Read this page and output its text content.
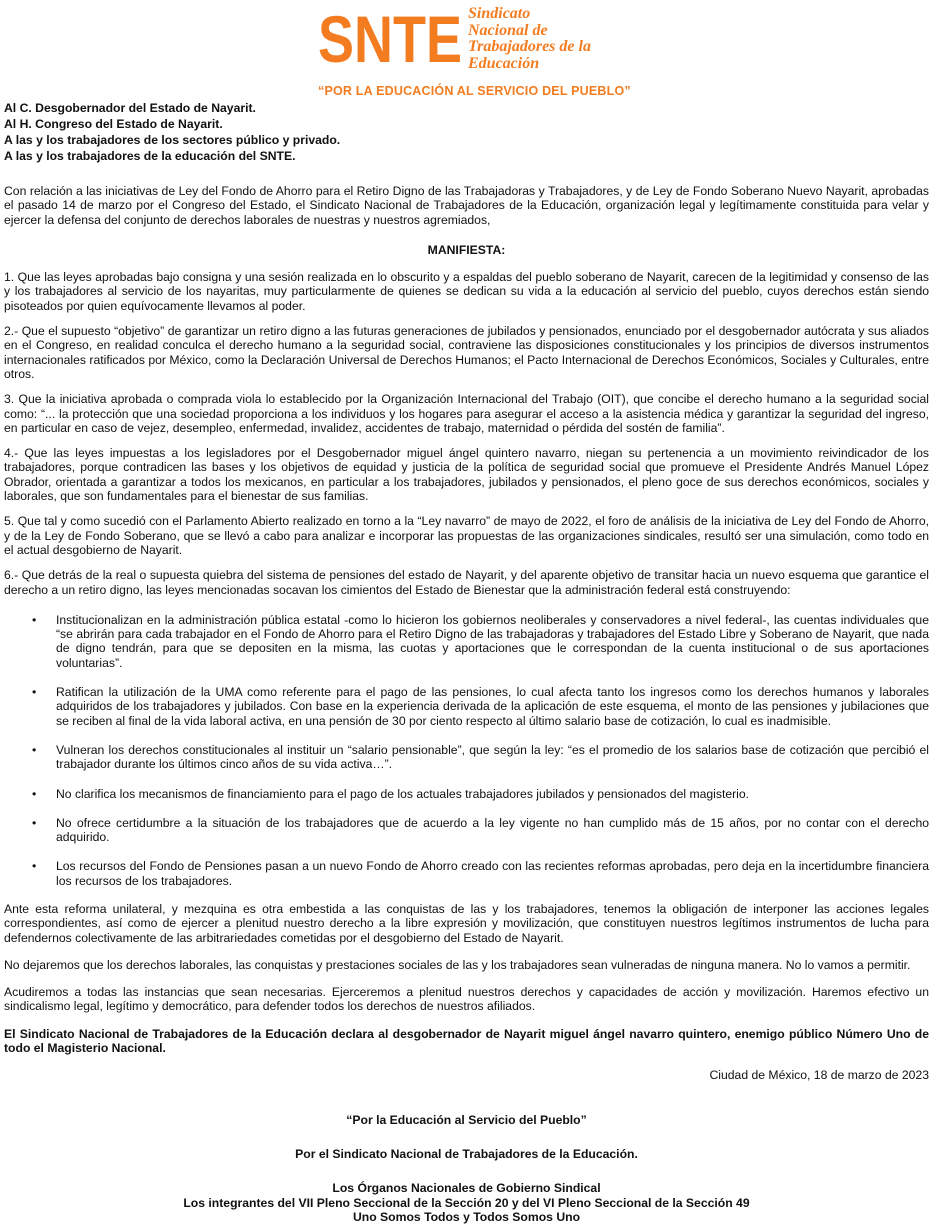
SNTE Sindicato
Nacional de
Trabajadores de la
Educación
“POR LA EDUCACIÓN AL SERVICIO DEL PUEBLO”
Al C. Desgobernador del Estado de Nayarit.
Al H. Congreso del Estado de Nayarit.
A las y los trabajadores de los sectores público y privado.
A las y los trabajadores de la educación del SNTE.

Con relación a las iniciativas de Ley del Fondo de Ahorro para el Retiro Digno de las Trabajadoras y Trabajadores, y de Ley de Fondo Soberano Nuevo Nayarit, aprobadas el pasado 14 de marzo por el Congreso del Estado, el Sindicato Nacional de Trabajadores de la Educación, organización legal y legítimamente constituida para velar y ejercer la defensa del conjunto de derechos laborales de nuestras y nuestros agremiados,

MANIFIESTA:

1. Que las leyes aprobadas bajo consigna y una sesión realizada en lo obscurito y a espaldas del pueblo soberano de Nayarit, carecen de la legitimidad y consenso de las y los trabajadores al servicio de los nayaritas, muy particularmente de quienes se dedican su vida a la educación al servicio del pueblo, cuyos derechos están siendo pisoteados por quien equívocamente llevamos al poder.

2.- Que el supuesto “objetivo” de garantizar un retiro digno a las futuras generaciones de jubilados y pensionados, enunciado por el desgobernador autócrata y sus aliados en el Congreso, en realidad conculca el derecho humano a la seguridad social, contraviene las disposiciones constitucionales y los principios de diversos instrumentos internacionales ratificados por México, como la Declaración Universal de Derechos Humanos; el Pacto Internacional de Derechos Económicos, Sociales y Culturales, entre otros.

3. Que la iniciativa aprobada o comprada viola lo establecido por la Organización Internacional del Trabajo (OIT), que concibe el derecho humano a la seguridad social como: “... la protección que una sociedad proporciona a los individuos y los hogares para asegurar el acceso a la asistencia médica y garantizar la seguridad del ingreso, en particular en caso de vejez, desempleo, enfermedad, invalidez, accidentes de trabajo, maternidad o pérdida del sostén de familia”.

4.- Que las leyes impuestas a los legisladores por el Desgobernador miguel ángel quintero navarro, niegan su pertenencia a un movimiento reivindicador de los trabajadores, porque contradicen las bases y los objetivos de equidad y justicia de la política de seguridad social que promueve el Presidente Andrés Manuel López Obrador, orientada a garantizar a todos los mexicanos, en particular a los trabajadores, jubilados y pensionados, el pleno goce de sus derechos económicos, sociales y laborales, que son fundamentales para el bienestar de sus familias.

5. Que tal y como sucedió con el Parlamento Abierto realizado en torno a la “Ley navarro” de mayo de 2022, el foro de análisis de la iniciativa de Ley del Fondo de Ahorro, y de la Ley de Fondo Soberano, que se llevó a cabo para analizar e incorporar las propuestas de las organizaciones sindicales, resultó ser una simulación, como todo en el actual desgobierno de Nayarit.

6.- Que detrás de la real o supuesta quiebra del sistema de pensiones del estado de Nayarit, y del aparente objetivo de transitar hacia un nuevo esquema que garantice el derecho a un retiro digno, las leyes mencionadas socavan los cimientos del Estado de Bienestar que la administración federal está construyendo:

• Institucionalizan en la administración pública estatal -como lo hicieron los gobiernos neoliberales y conservadores a nivel federal-, las cuentas individuales que “se abrirán para cada trabajador en el Fondo de Ahorro para el Retiro Digno de las trabajadoras y trabajadores del Estado Libre y Soberano de Nayarit, que nada de digno tendrán, para que se depositen en la misma, las cuotas y aportaciones que le correspondan de la cuenta institucional o de sus aportaciones voluntarias”.
• Ratifican la utilización de la UMA como referente para el pago de las pensiones, lo cual afecta tanto los ingresos como los derechos humanos y laborales adquiridos de los trabajadores y jubilados. Con base en la experiencia derivada de la aplicación de este esquema, el monto de las pensiones y jubilaciones que se reciben al final de la vida laboral activa, en una pensión de 30 por ciento respecto al último salario base de cotización, lo cual es inadmisible.
• Vulneran los derechos constitucionales al instituir un “salario pensionable”, que según la ley: “es el promedio de los salarios base de cotización que percibió el trabajador durante los últimos cinco años de su vida activa…”.
• No clarifica los mecanismos de financiamiento para el pago de los actuales trabajadores jubilados y pensionados del magisterio.
• No ofrece certidumbre a la situación de los trabajadores que de acuerdo a la ley vigente no han cumplido más de 15 años, por no contar con el derecho adquirido.
• Los recursos del Fondo de Pensiones pasan a un nuevo Fondo de Ahorro creado con las recientes reformas aprobadas, pero deja en la incertidumbre financiera los recursos de los trabajadores.

Ante esta reforma unilateral, y mezquina es otra embestida a las conquistas de las y los trabajadores, tenemos la obligación de interponer las acciones legales correspondientes, así como de ejercer a plenitud nuestro derecho a la libre expresión y movilización, que constituyen nuestros legítimos instrumentos de lucha para defendernos colectivamente de las arbitrariedades cometidas por el desgobierno del Estado de Nayarit.

No dejaremos que los derechos laborales, las conquistas y prestaciones sociales de las y los trabajadores sean vulneradas de ninguna manera. No lo vamos a permitir.

Acudiremos a todas las instancias que sean necesarias. Ejerceremos a plenitud nuestros derechos y capacidades de acción y movilización. Haremos efectivo un sindicalismo legal, legítimo y democrático, para defender todos los derechos de nuestros afiliados.

El Sindicato Nacional de Trabajadores de la Educación declara al desgobernador de Nayarit miguel ángel navarro quintero, enemigo público Número Uno de todo el Magisterio Nacional.

Ciudad de México, 18 de marzo de 2023

“Por la Educación al Servicio del Pueblo”
Por el Sindicato Nacional de Trabajadores de la Educación.
Los Órganos Nacionales de Gobierno Sindical
Los integrantes del VII Pleno Seccional de la Sección 20 y del VI Pleno Seccional de la Sección 49
Uno Somos Todos y Todos Somos Uno
